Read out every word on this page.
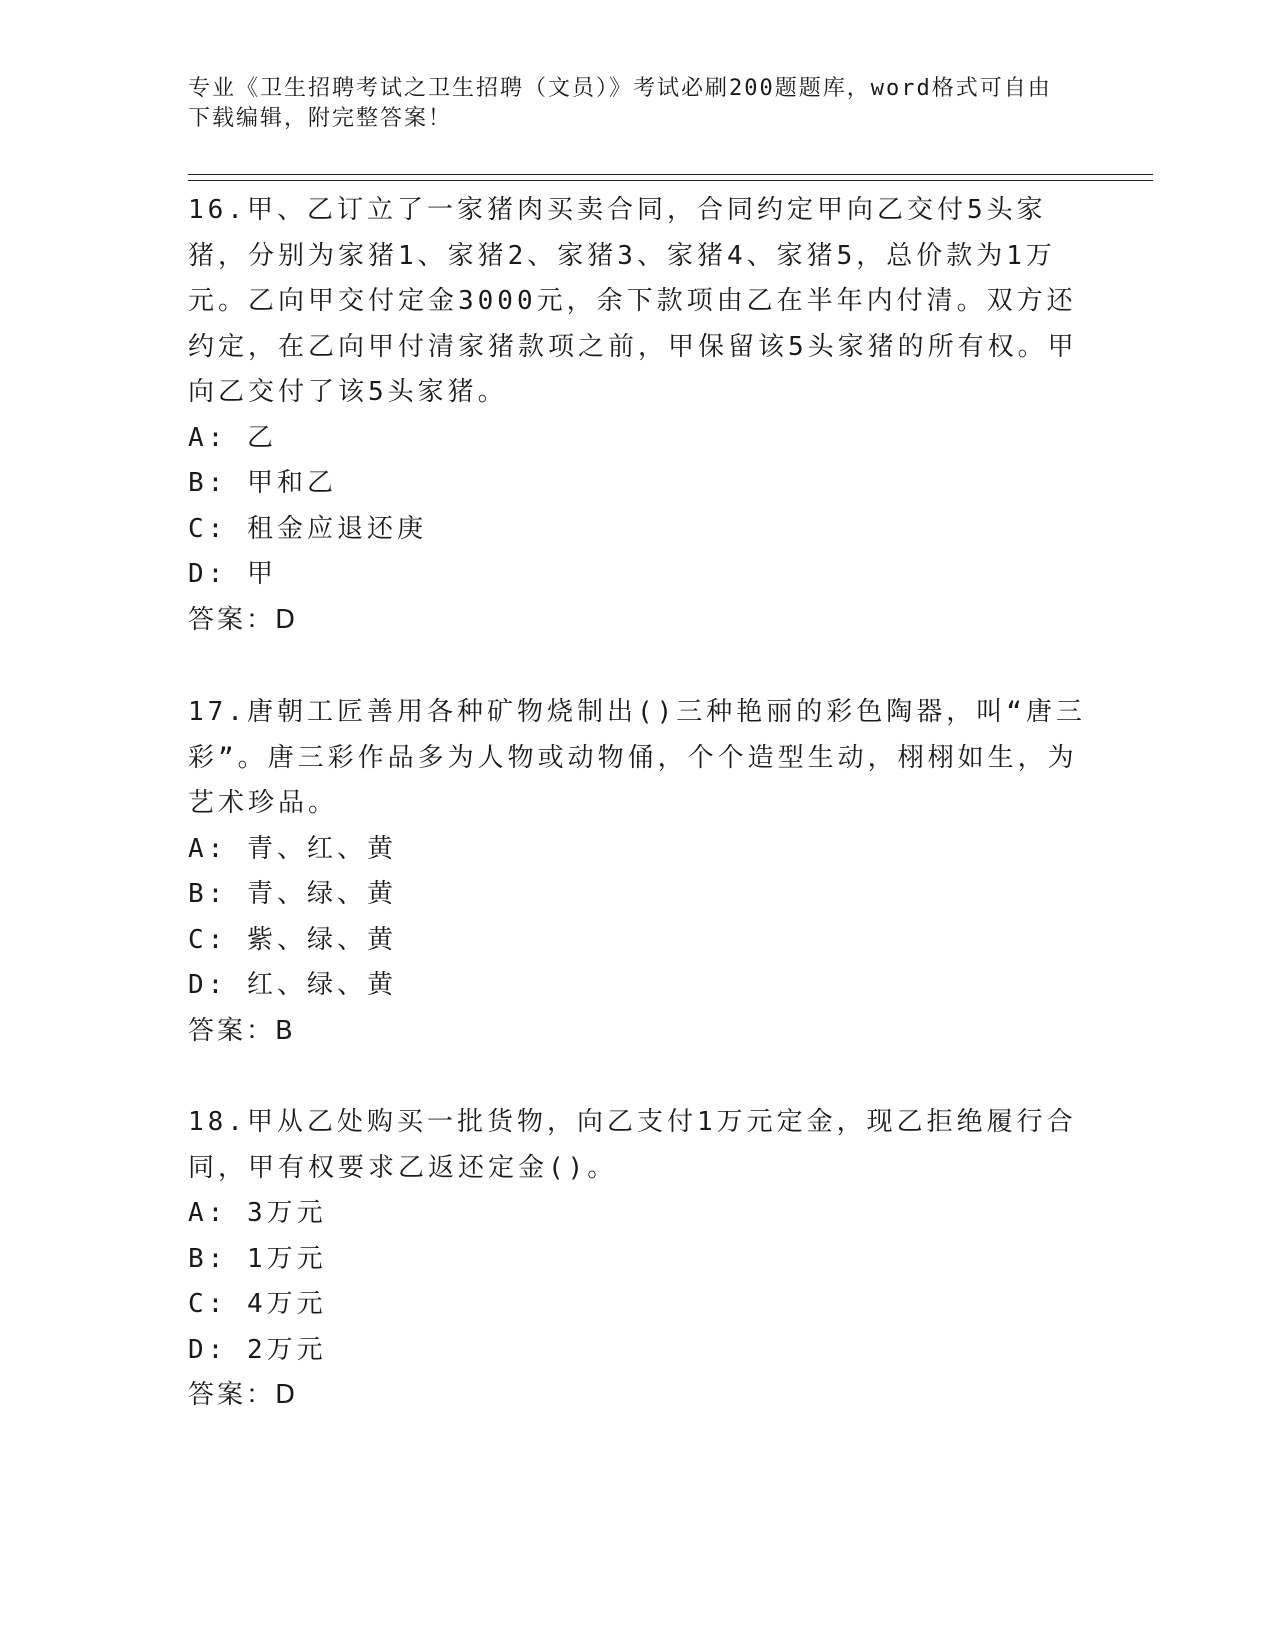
专业《卫生招聘考试之卫生招聘（文员）》考试必刷200题题库，word格式可自由下载编辑，附完整答案！
16.甲、乙订立了一家猪肉买卖合同，合同约定甲向乙交付5头家猪，分别为家猪1、家猪2、家猪3、家猪4、家猪5，总价款为1万元。乙向甲交付定金3000元，余下款项由乙在半年内付清。双方还约定，在乙向甲付清家猪款项之前，甲保留该5头家猪的所有权。甲向乙交付了该5头家猪。
A: 乙
B: 甲和乙
C: 租金应退还庚
D: 甲
答案：D
17.唐朝工匠善用各种矿物烧制出()三种艳丽的彩色陶器，叫“唐三彩”。唐三彩作品多为人物或动物俑，个个造型生动，栩栩如生，为艺术珍品。
A: 青、红、黄
B: 青、绿、黄
C: 紫、绿、黄
D: 红、绿、黄
答案：B
18.甲从乙处购买一批货物，向乙支付1万元定金，现乙拒绝履行合同，甲有权要求乙返还定金()。
A: 3万元
B: 1万元
C: 4万元
D: 2万元
答案：D
